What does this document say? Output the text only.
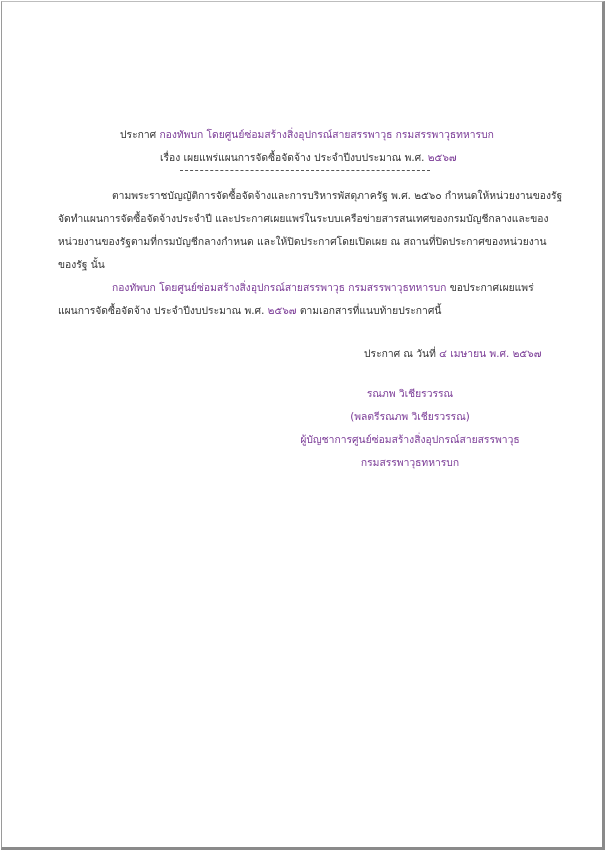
ประกาศ กองทัพบก โดยศูนย์ซ่อมสร้างสิ่งอุปกรณ์สายสรรพาวุธ กรมสรรพาวุธทหารบก
เรื่อง เผยแพร่แผนการจัดซื้อจัดจ้าง ประจำปีงบประมาณ พ.ศ. ๒๕๖๗
ตามพระราชบัญญัติการจัดซื้อจัดจ้างและการบริหารพัสดุภาครัฐ พ.ศ. ๒๕๖๐ กำหนดให้หน่วยงานของรัฐ
จัดทำแผนการจัดซื้อจัดจ้างประจำปี และประกาศเผยแพร่ในระบบเครือข่ายสารสนเทศของกรมบัญชีกลางและของ
หน่วยงานของรัฐตามที่กรมบัญชีกลางกำหนด และให้ปิดประกาศโดยเปิดเผย ณ สถานที่ปิดประกาศของหน่วยงาน
ของรัฐ นั้น
กองทัพบก โดยศูนย์ซ่อมสร้างสิ่งอุปกรณ์สายสรรพาวุธ กรมสรรพาวุธทหารบก ขอประกาศเผยแพร่
แผนการจัดซื้อจัดจ้าง ประจำปีงบประมาณ พ.ศ. ๒๕๖๗ ตามเอกสารที่แนบท้ายประกาศนี้
ประกาศ ณ วันที่ ๔ เมษายน พ.ศ. ๒๕๖๗
รณภพ วิเชียรวรรณ
(พลตรีรณภพ วิเชียรวรรณ)
ผู้บัญชาการศูนย์ซ่อมสร้างสิ่งอุปกรณ์สายสรรพาวุธ
กรมสรรพาวุธทหารบก
